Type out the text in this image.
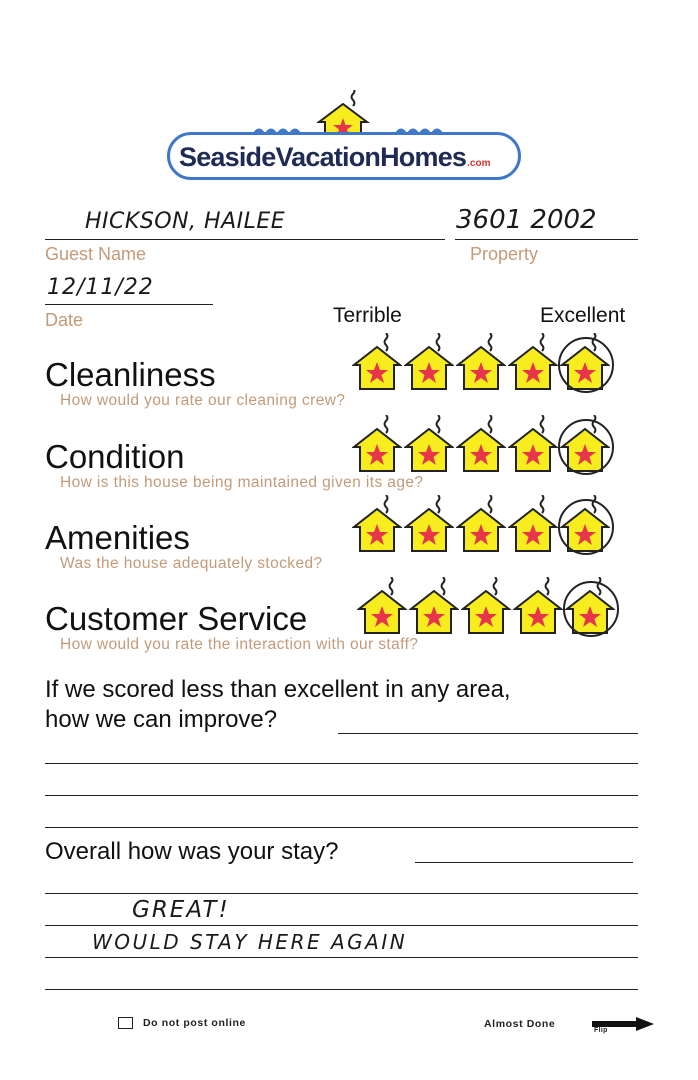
SeasideVacationHomes.com
HICKSON, HAILEE
Guest Name
3601 2002
Property
12/11/22
Date	Terrible	Excellent
Cleanliness
How would you rate our cleaning crew?
Condition
How is this house being maintained given its age?
Amenities
Was the house adequately stocked?
Customer Service
How would you rate the interaction with our staff?
If we scored less than excellent in any area,
how we can improve?
Overall how was your stay?
GREAT!
WOULD STAY HERE AGAIN
Do not post online	Almost Done
Flip
